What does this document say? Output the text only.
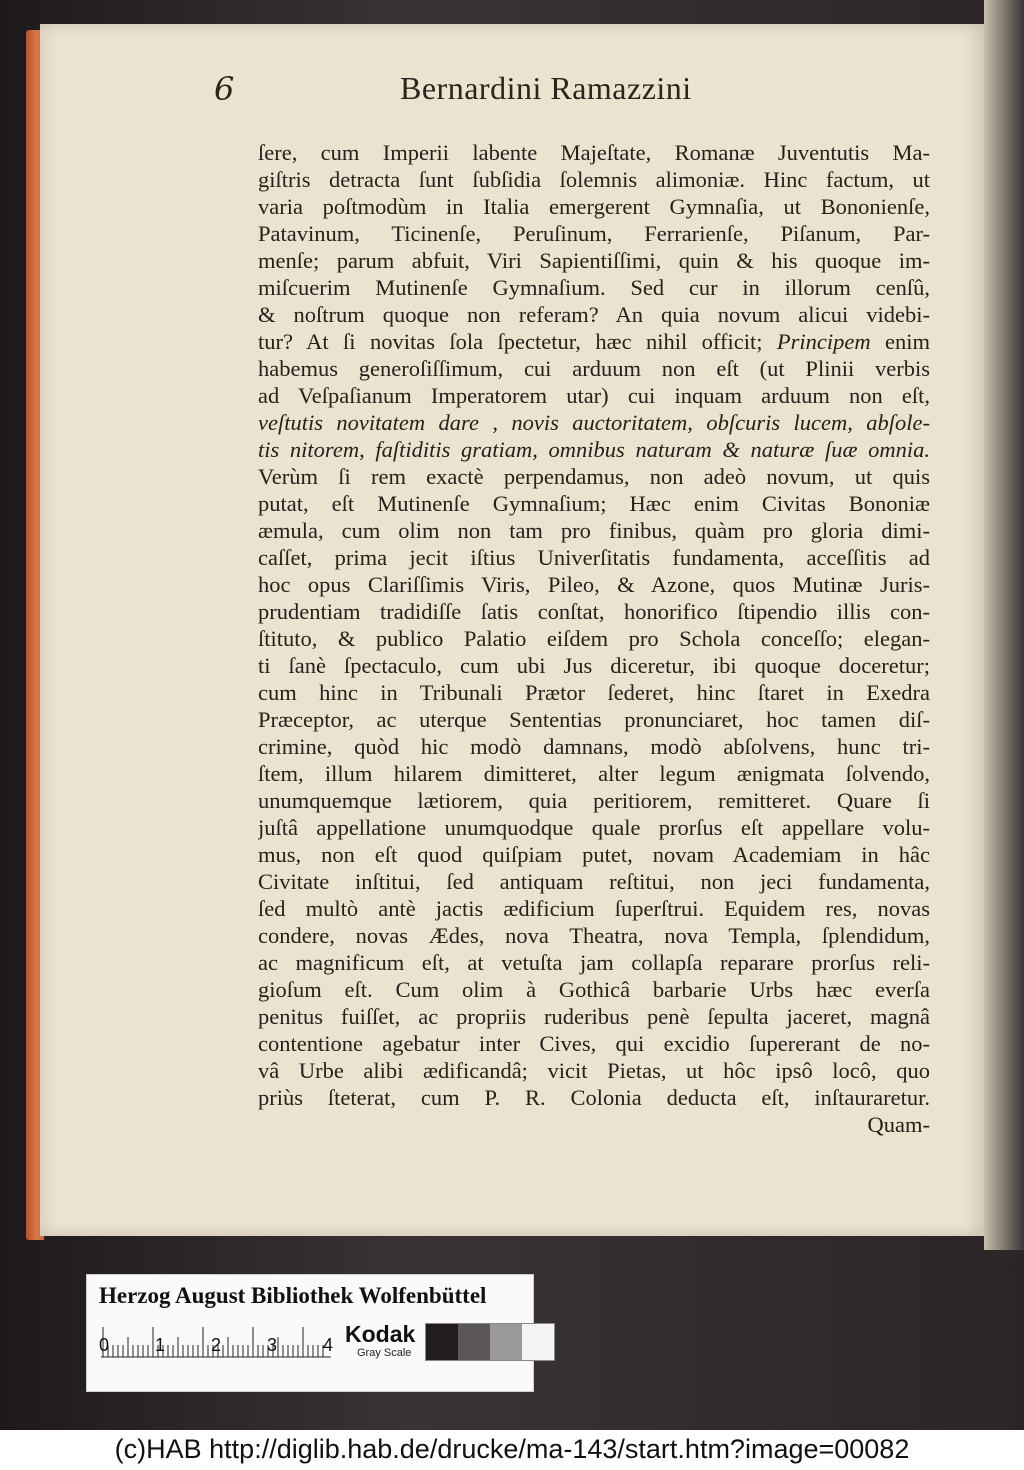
6	Bernardini Ramazzini
ſere, cum Imperii labente Majeſtate, Romanæ Juventutis Ma-
giſtris detracta ſunt ſubſidia ſolemnis alimoniæ. Hinc factum, ut
varia poſtmodùm in Italia emergerent Gymnaſia, ut Bononienſe,
Patavinum, Ticinenſe, Peruſinum, Ferrarienſe, Piſanum, Par-
menſe; parum abfuit, Viri Sapientiſſimi, quin & his quoque im-
miſcuerim Mutinenſe Gymnaſium. Sed cur in illorum cenſû,
& noſtrum quoque non referam? An quia novum alicui videbi-
tur? At ſi novitas ſola ſpectetur, hæc nihil officit; Principem enim
habemus generoſiſſimum, cui arduum non eſt (ut Plinii verbis
ad Veſpaſianum Imperatorem utar) cui inquam arduum non eſt,
veſtutis novitatem dare , novis auctoritatem, obſcuris lucem, abſole-
tis nitorem, faſtiditis gratiam, omnibus naturam & naturæ ſuæ omnia.
Verùm ſi rem exactè perpendamus, non adeò novum, ut quis
putat, eſt Mutinenſe Gymnaſium; Hæc enim Civitas Bononiæ
æmula, cum olim non tam pro finibus, quàm pro gloria dimi-
caſſet, prima jecit iſtius Univerſitatis fundamenta, acceſſitis ad
hoc opus Clariſſimis Viris, Pileo, & Azone, quos Mutinæ Juris-
prudentiam tradidiſſe ſatis conſtat, honorifico ſtipendio illis con-
ſtituto, & publico Palatio eiſdem pro Schola conceſſo; elegan-
ti ſanè ſpectaculo, cum ubi Jus diceretur, ibi quoque doceretur;
cum hinc in Tribunali Prætor ſederet, hinc ſtaret in Exedra
Præceptor, ac uterque Sententias pronunciaret, hoc tamen diſ-
crimine, quòd hic modò damnans, modò abſolvens, hunc tri-
ſtem, illum hilarem dimitteret, alter legum ænigmata ſolvendo,
unumquemque lætiorem, quia peritiorem, remitteret. Quare ſi
juſtâ appellatione unumquodque quale prorſus eſt appellare volu-
mus, non eſt quod quiſpiam putet, novam Academiam in hâc
Civitate inſtitui, ſed antiquam reſtitui, non jeci fundamenta,
ſed multò antè jactis ædificium ſuperſtrui. Equidem res, novas
condere, novas Ædes, nova Theatra, nova Templa, ſplendidum,
ac magnificum eſt, at vetuſta jam collapſa reparare prorſus reli-
gioſum eſt. Cum olim à Gothicâ barbarie Urbs hæc everſa
penitus fuiſſet, ac propriis ruderibus penè ſepulta jaceret, magnâ
contentione agebatur inter Cives, qui excidio ſupererant de no-
vâ Urbe alibi ædificandâ; vicit Pietas, ut hôc ipsô locô, quo
priùs ſteterat, cum P. R. Colonia deducta eſt, inſtauraretur.
Quam-
Herzog August Bibliothek Wolfenbüttel
0	1	2	3	4 Kodak
Gray Scale
(c)HAB http://diglib.hab.de/drucke/ma-143/start.htm?image=00082
